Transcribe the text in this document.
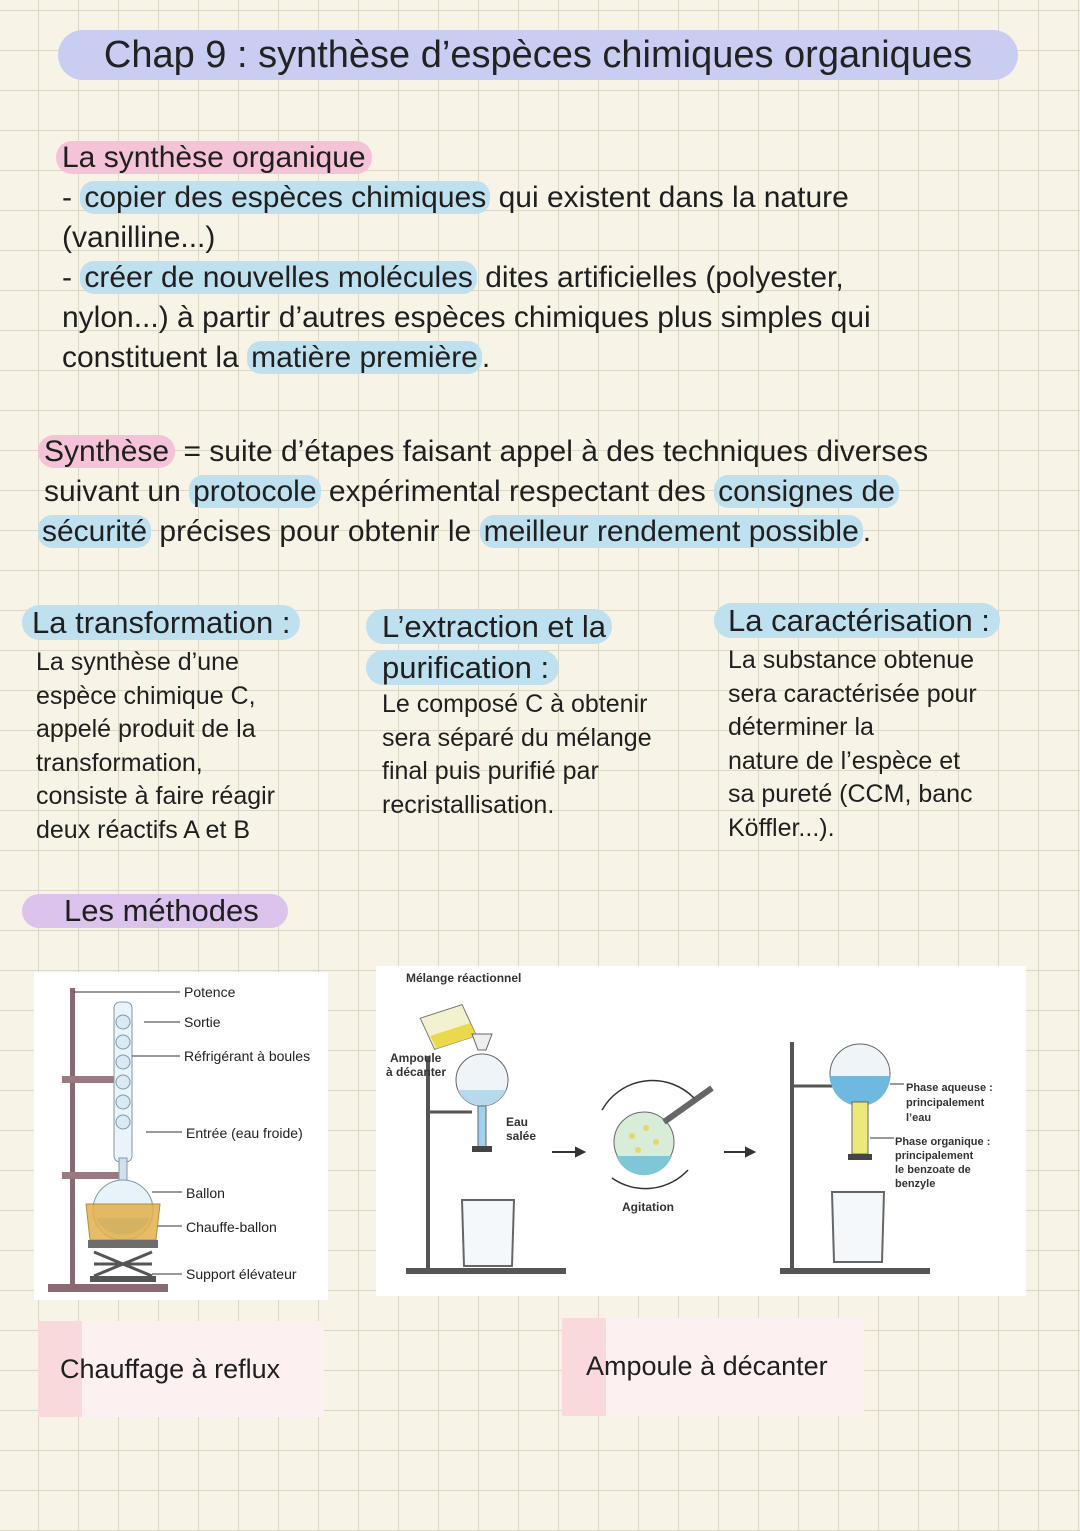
Chap 9 : synthèse d’espèces chimiques organiques
La synthèse organique
- copier des espèces chimiques qui existent dans la nature
(vanilline...)
- créer de nouvelles molécules dites artificielles (polyester,
nylon...) à partir d’autres espèces chimiques plus simples qui
constituent la matière première .
Synthèse = suite d’étapes faisant appel à des techniques diverses
suivant un protocole expérimental respectant des consignes de
sécurité précises pour obtenir le meilleur rendement possible .
La transformation :
La synthèse d’une
espèce chimique C,
appelé produit de la
transformation,
consiste à faire réagir
deux réactifs A et B
L’extraction et la
purification :
Le composé C à obtenir
sera séparé du mélange
final puis purifié par
recristallisation.
La caractérisation :
La substance obtenue
sera caractérisée pour
déterminer la
nature de l’espèce et
sa pureté (CCM, banc
Köffler...).
Les méthodes
Potence
Sortie
Réfrigérant à boules
Entrée (eau froide)
Ballon
Chauffe-ballon
Support élévateur
Mélange réactionnel
Ampoule
à décanter
Eau
salée
Agitation
Phase aqueuse :
principalement
l’eau
Phase organique :
principalement
le benzoate de
benzyle
Chauffage à reflux	Ampoule à décanter
